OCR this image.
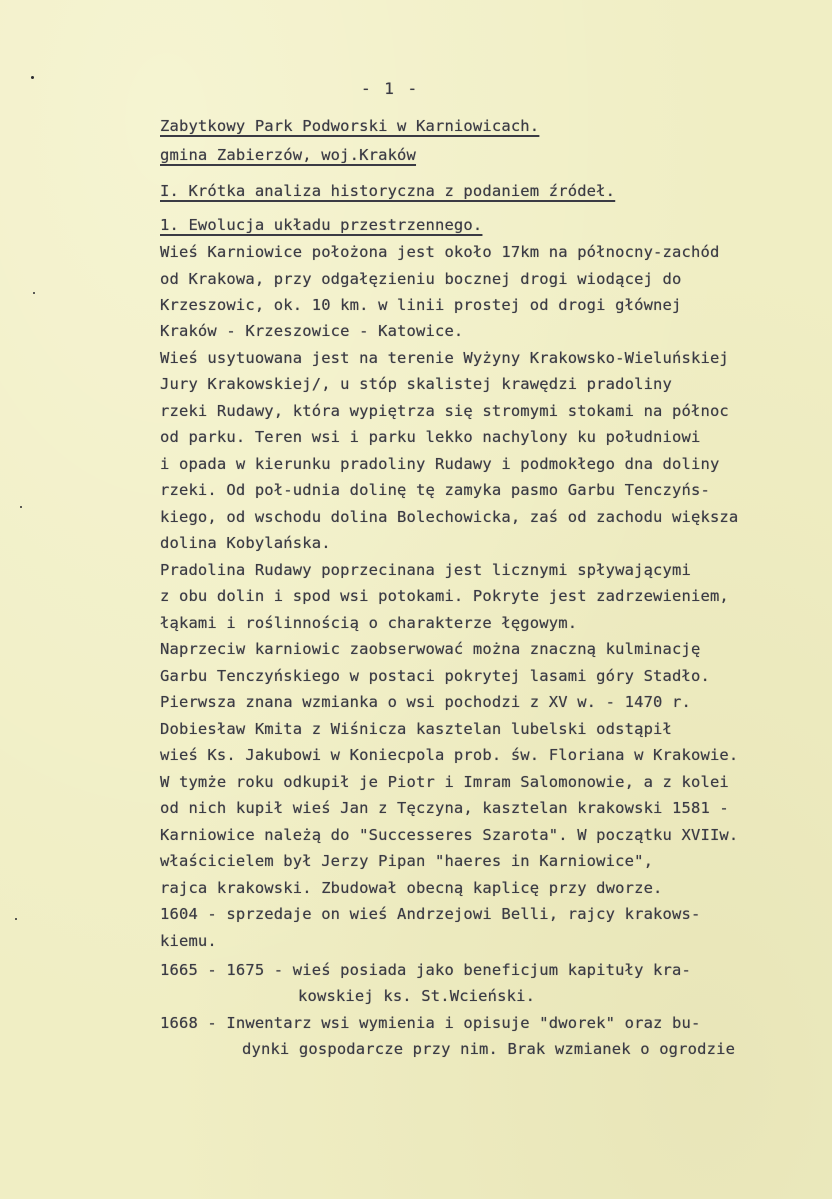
- 1 -
Zabytkowy Park Podworski w Karniowicach.
gmina Zabierzów, woj.Kraków
I. Krótka analiza historyczna z podaniem źródeł.
1. Ewolucja układu przestrzennego.
Wieś Karniowice położona jest około 17km na północny-zachód
od Krakowa, przy odgałęzieniu bocznej drogi wiodącej do
Krzeszowic, ok. 10 km. w linii prostej od drogi głównej
Kraków - Krzeszowice - Katowice.
Wieś usytuowana jest na terenie Wyżyny Krakowsko-Wieluńskiej
Jury Krakowskiej/, u stóp skalistej krawędzi pradoliny
rzeki Rudawy, która wypiętrza się stromymi stokami na północ
od parku. Teren wsi i parku lekko nachylony ku południowi
i opada w kierunku pradoliny Rudawy i podmokłego dna doliny
rzeki. Od poł-udnia dolinę tę zamyka pasmo Garbu Tenczyńs-
kiego, od wschodu dolina Bolechowicka, zaś od zachodu większa
dolina Kobylańska.
Pradolina Rudawy poprzecinana jest licznymi spływającymi
z obu dolin i spod wsi potokami. Pokryte jest zadrzewieniem,
łąkami i roślinnością o charakterze łęgowym.
Naprzeciw karniowic zaobserwować można znaczną kulminację
Garbu Tenczyńskiego w postaci pokrytej lasami góry Stadło.
Pierwsza znana wzmianka o wsi pochodzi z XV w. - 1470 r.
Dobiesław Kmita z Wiśnicza kasztelan lubelski odstąpił
wieś Ks. Jakubowi w Koniecpola prob. św. Floriana w Krakowie.
W tymże roku odkupił je Piotr i Imram Salomonowie, a z kolei
od nich kupił wieś Jan z Tęczyna, kasztelan krakowski 1581 -
Karniowice należą do "Successeres Szarota". W początku XVIIw.
właścicielem był Jerzy Pipan "haeres in Karniowice",
rajca krakowski. Zbudował obecną kaplicę przy dworze.
1604 - sprzedaje on wieś Andrzejowi Belli, rajcy krakows-
kiemu.
1665 - 1675 - wieś posiada jako beneficjum kapituły kra-
kowskiej ks. St.Wcieński.
1668 - Inwentarz wsi wymienia i opisuje "dworek" oraz bu-
dynki gospodarcze przy nim. Brak wzmianek o ogrodzie
